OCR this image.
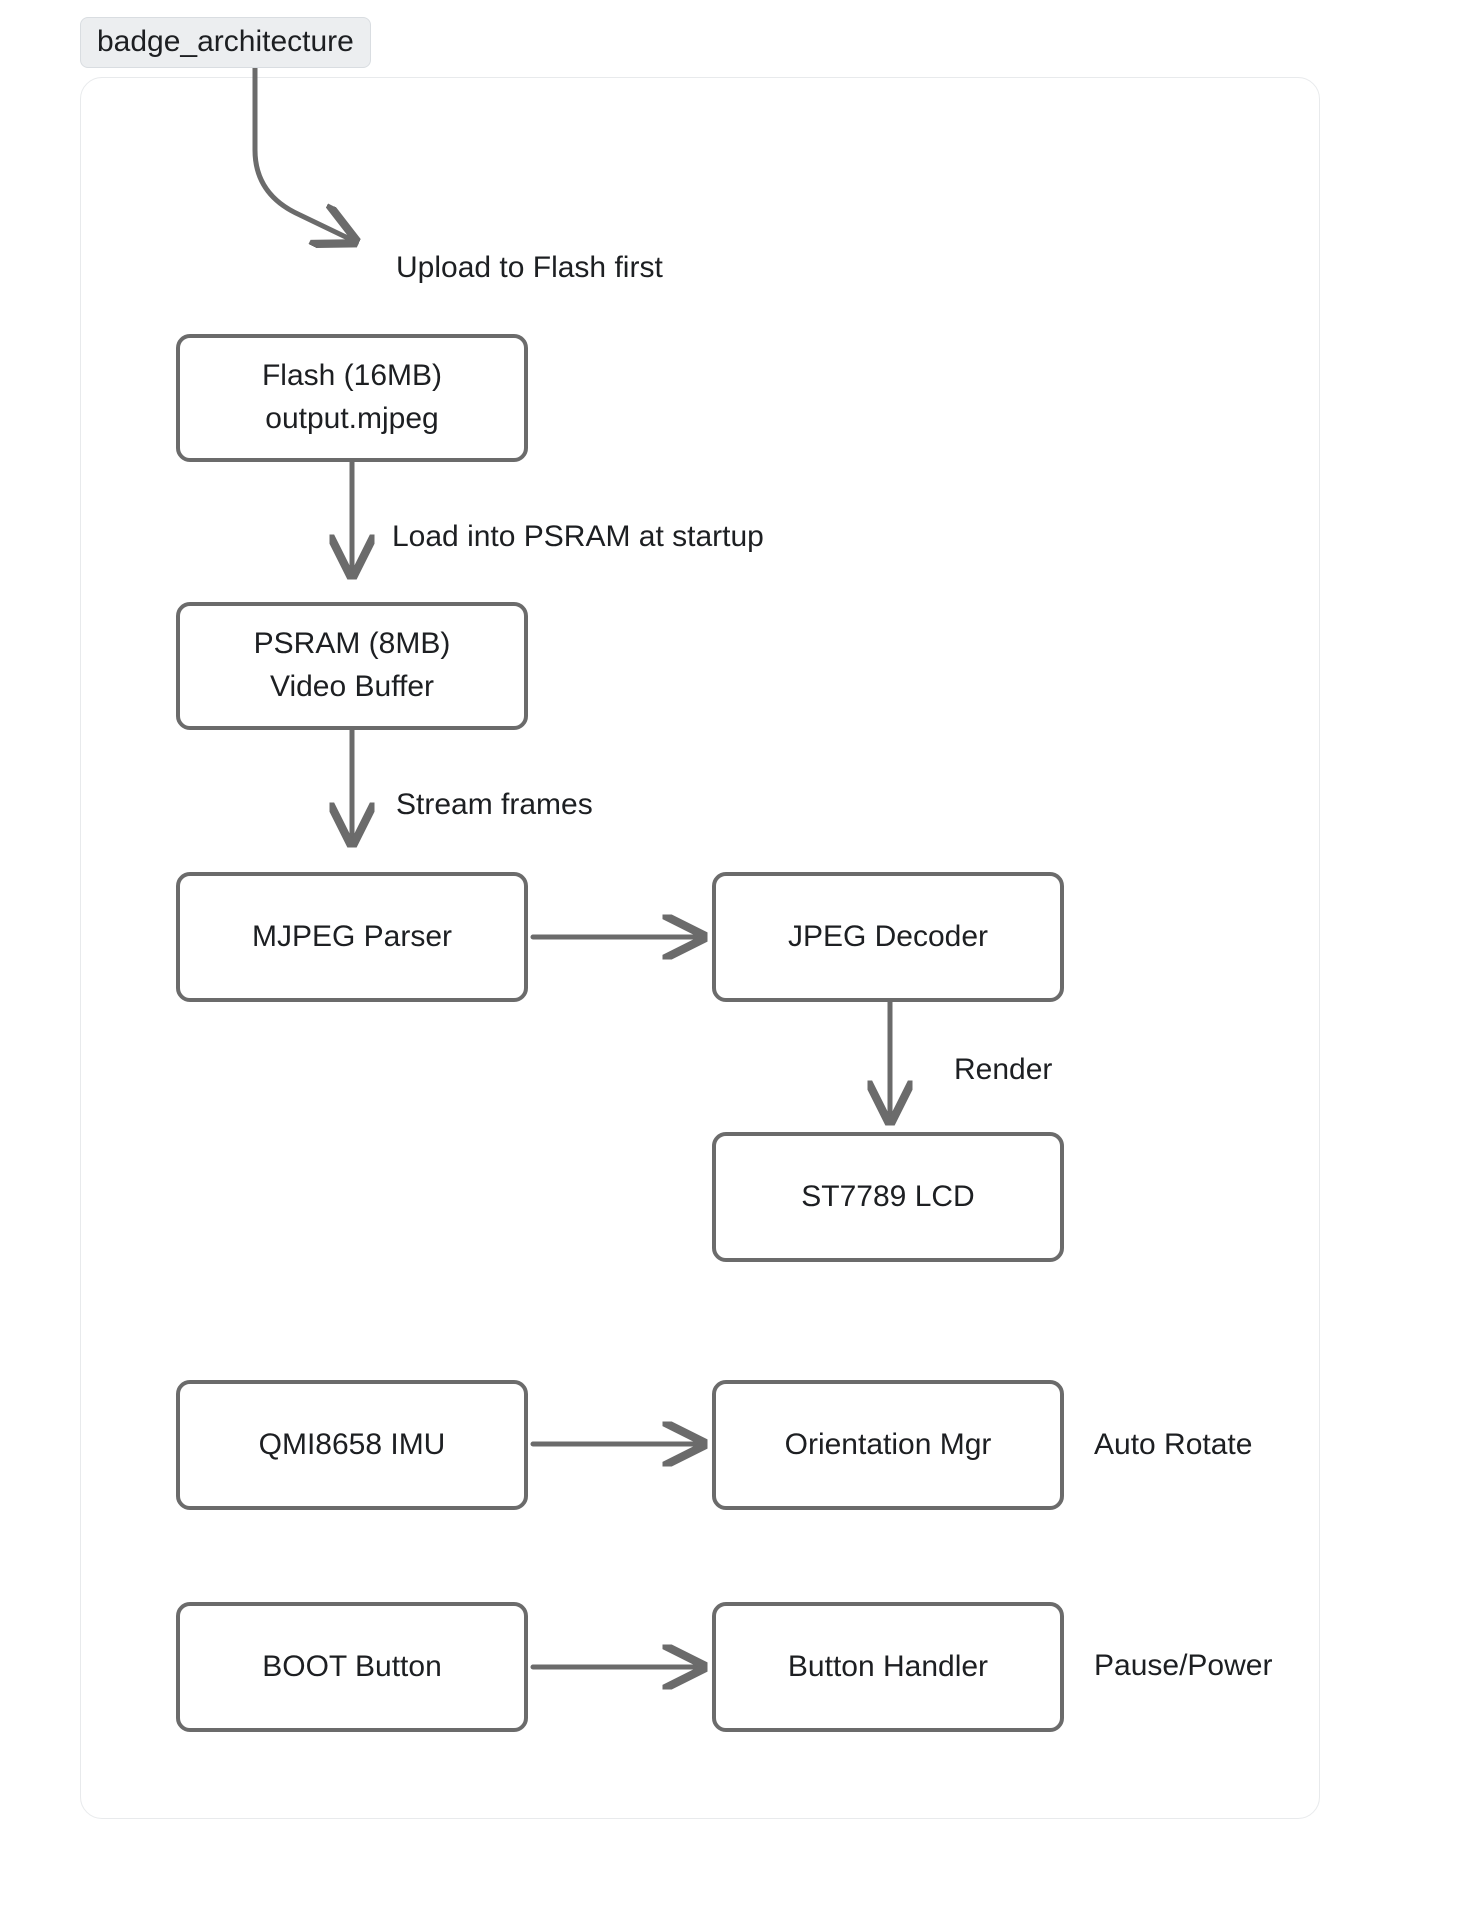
badge_architecture
Flash (16MB)
output.mjpeg
PSRAM (8MB)
Video Buffer
MJPEG Parser	JPEG Decoder
ST7789 LCD
QMI8658 IMU	Orientation Mgr
BOOT Button	Button Handler
Upload to Flash first
Load into PSRAM at startup
Stream frames
Render
Auto Rotate
Pause/Power
